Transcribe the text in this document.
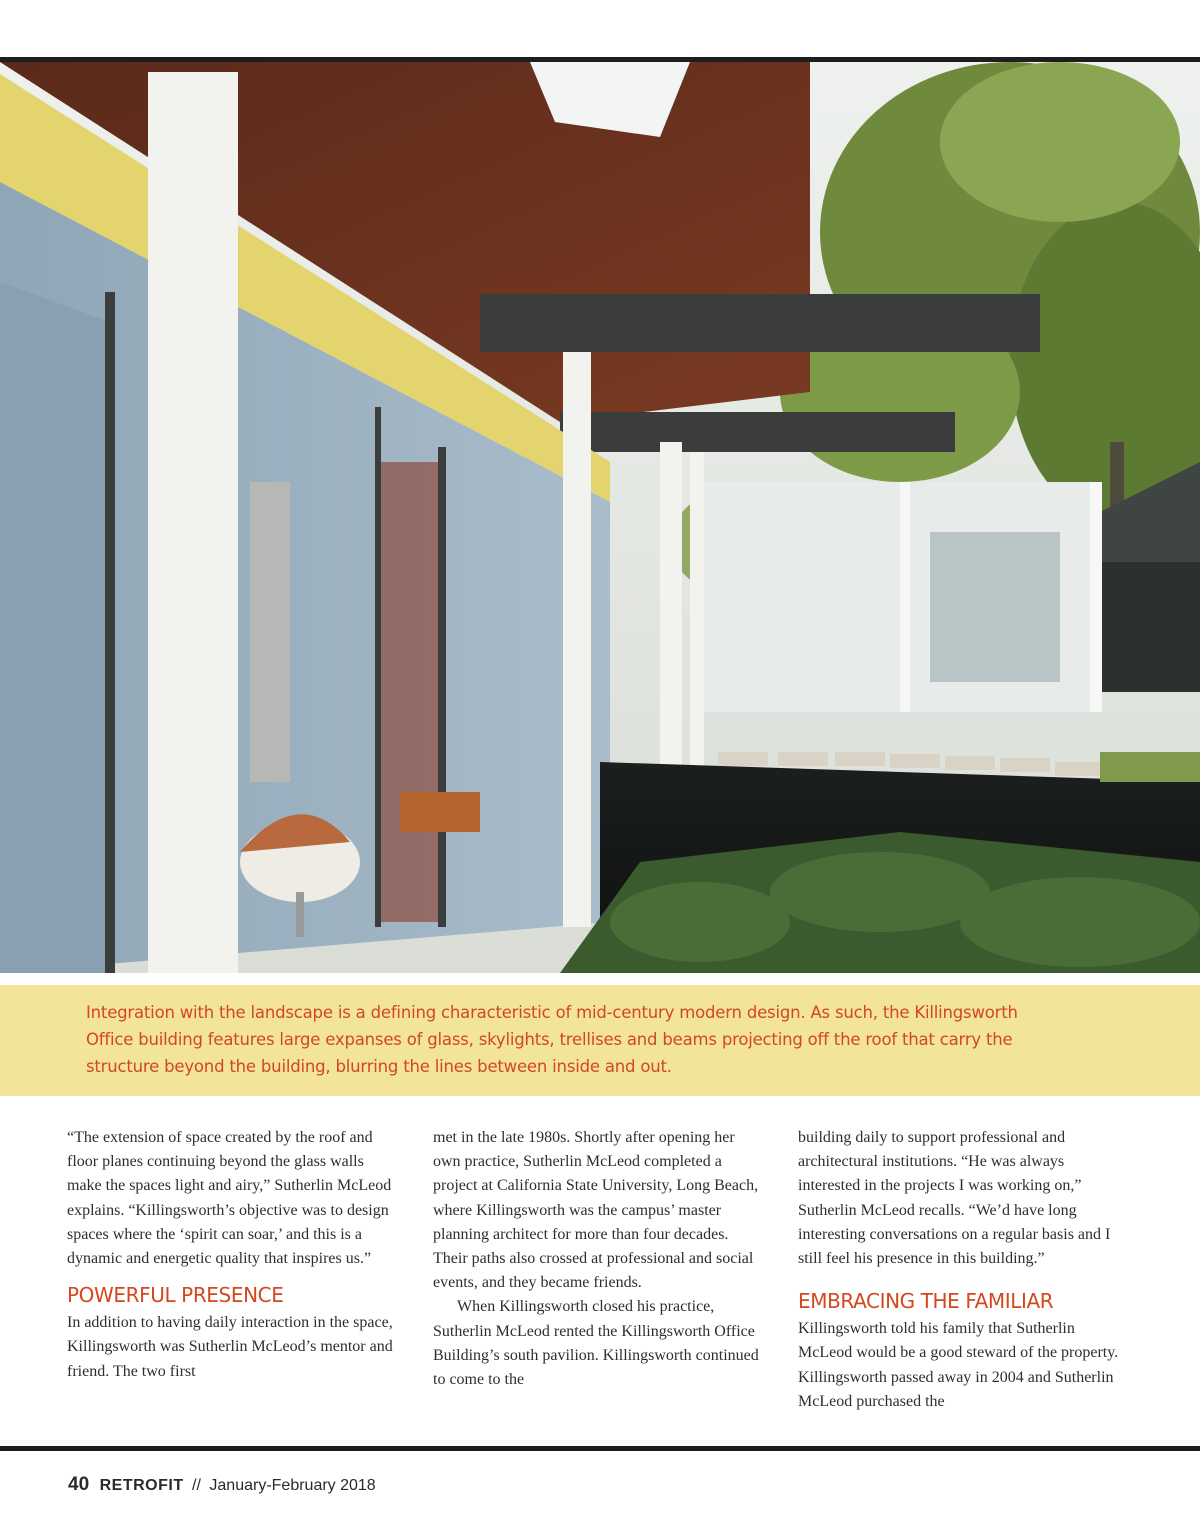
Integration with the landscape is a defining characteristic of mid-century modern design. As such, the Killingsworth Office building features large expanses of glass, skylights, trellises and beams projecting off the roof that carry the structure beyond the building, blurring the lines between inside and out.

“The extension of space created by the roof and floor planes continuing beyond the glass walls make the spaces light and airy,” Sutherlin McLeod explains. “Killingsworth’s objective was to design spaces where the ‘spirit can soar,’ and this is a dynamic and energetic quality that inspires us.”

POWERFUL PRESENCE

In addition to having daily interaction in the space, Killingsworth was Sutherlin McLeod’s mentor and friend. The two first

met in the late 1980s. Shortly after opening her own practice, Sutherlin McLeod completed a project at California State University, Long Beach, where Killingsworth was the campus’ master planning architect for more than four decades. Their paths also crossed at professional and social events, and they became friends.

When Killingsworth closed his practice, Sutherlin McLeod rented the Killingsworth Office Building’s south pavilion. Killingsworth continued to come to the

building daily to support professional and architectural institutions. “He was always interested in the projects I was working on,” Sutherlin McLeod recalls. “We’d have long interesting conversations on a regular basis and I still feel his presence in this building.”

EMBRACING THE FAMILIAR

Killingsworth told his family that Sutherlin McLeod would be a good steward of the property. Killingsworth passed away in 2004 and Sutherlin McLeod purchased the

40 RETROFIT // January-February 2018
